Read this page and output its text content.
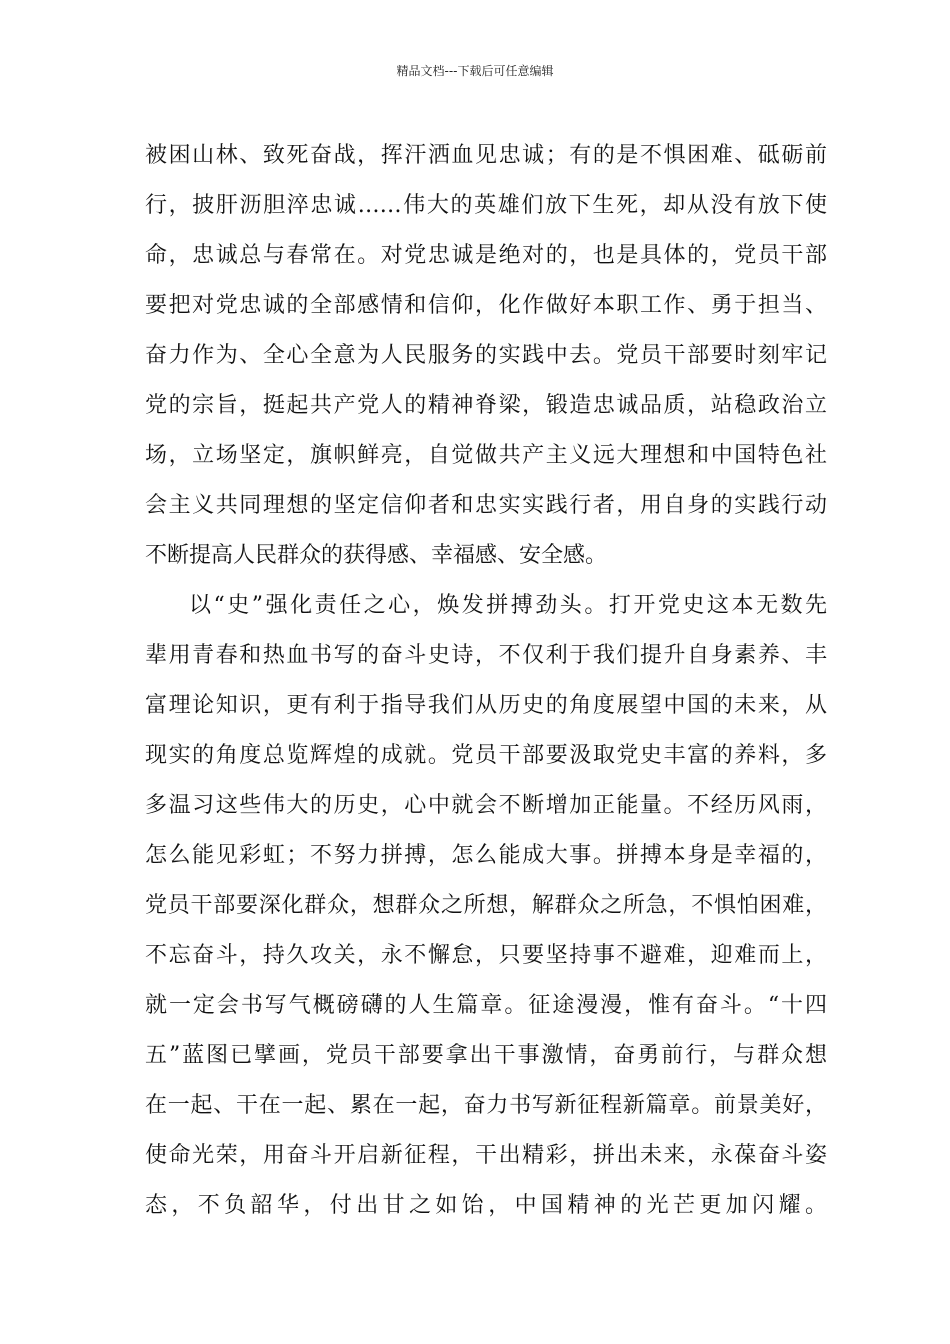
精品文档---下载后可任意编辑
被困山林、致死奋战，挥汗洒血见忠诚；有的是不惧困难、砥砺前
行，披肝沥胆淬忠诚……伟大的英雄们放下生死，却从没有放下使
命，忠诚总与春常在。对党忠诚是绝对的，也是具体的，党员干部
要把对党忠诚的全部感情和信仰，化作做好本职工作、勇于担当、
奋力作为、全心全意为人民服务的实践中去。党员干部要时刻牢记
党的宗旨，挺起共产党人的精神脊梁，锻造忠诚品质，站稳政治立
场，立场坚定，旗帜鲜亮，自觉做共产主义远大理想和中国特色社
会主义共同理想的坚定信仰者和忠实实践行者，用自身的实践行动
不断提高人民群众的获得感、幸福感、安全感。
以“史”强化责任之心，焕发拼搏劲头。打开党史这本无数先
辈用青春和热血书写的奋斗史诗，不仅利于我们提升自身素养、丰
富理论知识，更有利于指导我们从历史的角度展望中国的未来，从
现实的角度总览辉煌的成就。党员干部要汲取党史丰富的养料，多
多温习这些伟大的历史，心中就会不断增加正能量。不经历风雨，
怎么能见彩虹；不努力拼搏，怎么能成大事。拼搏本身是幸福的，
党员干部要深化群众，想群众之所想，解群众之所急，不惧怕困难，
不忘奋斗，持久攻关，永不懈怠，只要坚持事不避难，迎难而上，
就一定会书写气概磅礴的人生篇章。征途漫漫，惟有奋斗。“十四
五”蓝图已擘画，党员干部要拿出干事激情，奋勇前行，与群众想
在一起、干在一起、累在一起，奋力书写新征程新篇章。前景美好，
使命光荣，用奋斗开启新征程，干出精彩，拼出未来，永葆奋斗姿
态，不负韶华，付出甘之如饴，中国精神的光芒更加闪耀。
